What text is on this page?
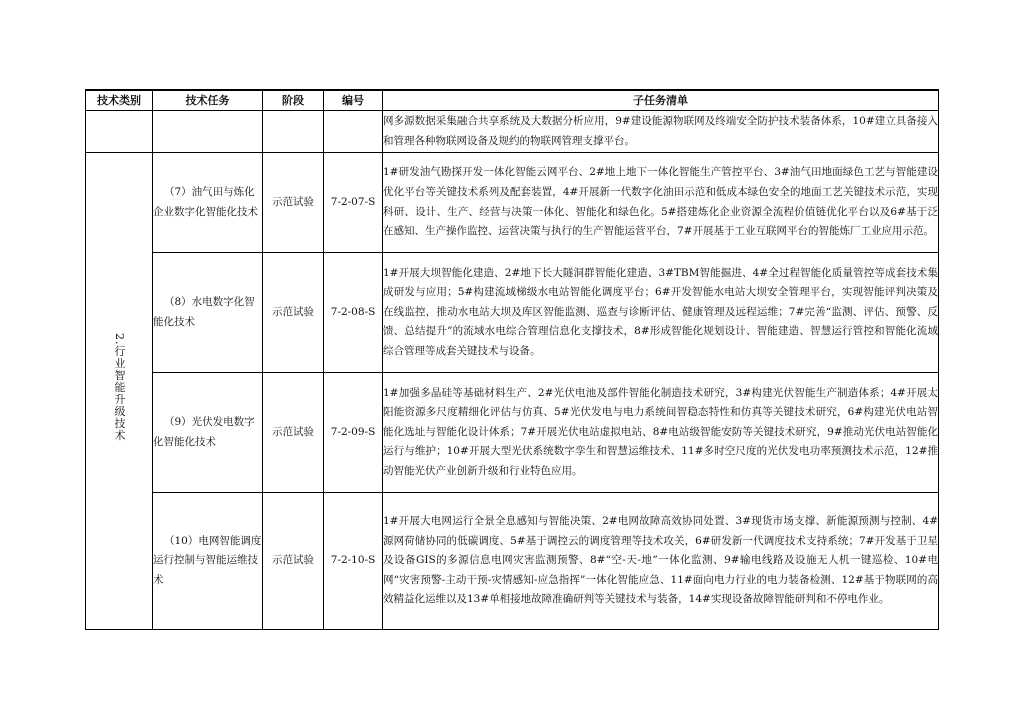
技术类别	技术任务	阶段	编号	子任务清单
				网多源数据采集融合共享系统及大数据分析应用，9#建设能源物联网及终端安全防护技术装备体系，10#建立具备接入和管理各种物联网设备及规约的物联网管理支撑平台。
2.行业智能升级技术	（7）油气田与炼化企业数字化智能化技术	示范试验	7-2-07-S	1#研发油气勘探开发一体化智能云网平台、2#地上地下一体化智能生产管控平台、3#油气田地面绿色工艺与智能建设优化平台等关键技术系列及配套装置，4#开展新一代数字化油田示范和低成本绿色安全的地面工艺关键技术示范，实现科研、设计、生产、经营与决策一体化、智能化和绿色化。5#搭建炼化企业资源全流程价值链优化平台以及6#基于泛在感知、生产操作监控、运营决策与执行的生产智能运营平台，7#开展基于工业互联网平台的智能炼厂工业应用示范。

	（8）水电数字化智能化技术	示范试验	7-2-08-S	1#开展大坝智能化建造、2#地下长大隧洞群智能化建造、3#TBM智能掘进、4#全过程智能化质量管控等成套技术集成研发与应用；5#构建流域梯级水电站智能化调度平台；6#开发智能水电站大坝安全管理平台，实现智能评判决策及在线监控，推动水电站大坝及库区智能监测、巡查与诊断评估、健康管理及远程运维；7#完善“监测、评估、预警、反馈、总结提升”的流域水电综合管理信息化支撑技术，8#形成智能化规划设计、智能建造、智慧运行管控和智能化流域综合管理等成套关键技术与设备。

	（9）光伏发电数字化智能化技术	示范试验	7-2-09-S	1#加强多晶硅等基础材料生产、2#光伏电池及部件智能化制造技术研究，3#构建光伏智能生产制造体系；4#开展太阳能资源多尺度精细化评估与仿真、5#光伏发电与电力系统间智稳态特性和仿真等关键技术研究，6#构建光伏电站智能化选址与智能化设计体系；7#开展光伏电站虚拟电站、8#电站级智能安防等关键技术研究，9#推动光伏电站智能化运行与维护；10#开展大型光伏系统数字孪生和智慧运维技术、11#多时空尺度的光伏发电功率预测技术示范，12#推动智能光伏产业创新升级和行业特色应用。

	（10）电网智能调度运行控制与智能运维技术	示范试验	7-2-10-S	1#开展大电网运行全景全息感知与智能决策、2#电网故障高效协同处置、3#现货市场支撑、新能源预测与控制、4#源网荷储协同的低碳调度、5#基于调控云的调度管理等技术攻关，6#研发新一代调度技术支持系统；7#开发基于卫星及设备GIS的多源信息电网灾害监测预警、8#“空-天-地”一体化监测、9#输电线路及设施无人机一键巡检、10#电网“灾害预警-主动干预-灾情感知-应急指挥”一体化智能应急、11#面向电力行业的电力装备检测、12#基于物联网的高效精益化运维以及13#单相接地故障准确研判等关键技术与装备，14#实现设备故障智能研判和不停电作业。
